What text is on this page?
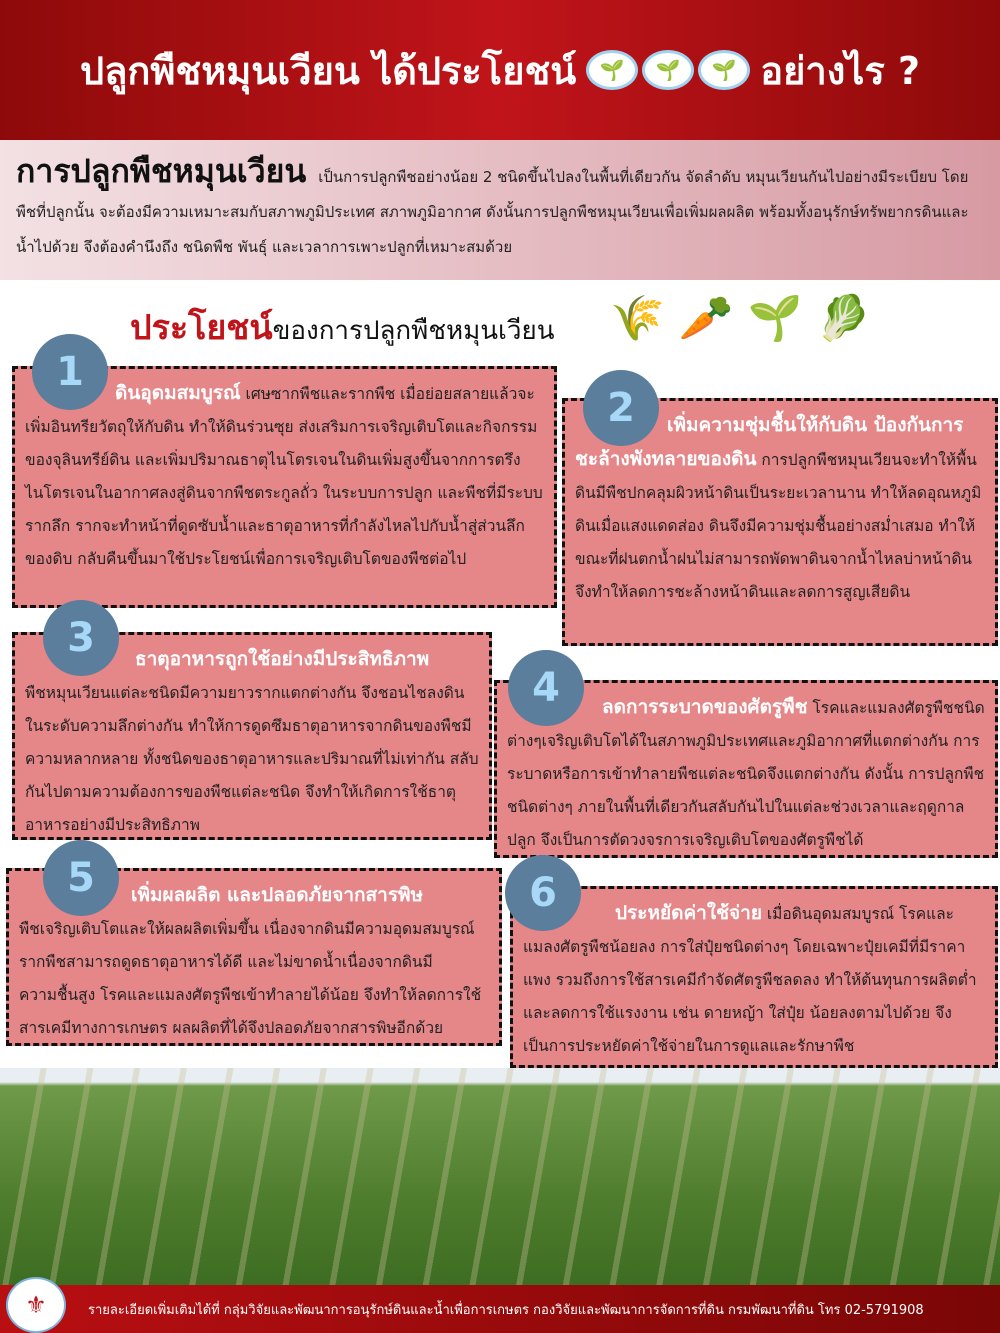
ปลูกพืชหมุนเวียน ได้ประโยชน์	🌱	🌱	🌱 อย่างไร ?
การปลูกพืชหมุนเวียน เป็นการปลูกพืชอย่างน้อย 2 ชนิดขึ้นไปลงในพื้นที่เดียวกัน จัดลำดับ หมุนเวียนกันไปอย่างมีระเบียบ โดยพืชที่ปลูกนั้น จะต้องมีความเหมาะสมกับสภาพภูมิประเทศ สภาพภูมิอากาศ ดังนั้นการปลูกพืชหมุนเวียนเพื่อเพิ่มผลผลิต พร้อมทั้งอนุรักษ์ทรัพยากรดินและน้ำไปด้วย จึงต้องคำนึงถึง ชนิดพืช พันธุ์ และเวลาการเพาะปลูกที่เหมาะสมด้วย
ประโยชน์ของการปลูกพืชหมุนเวียน 🌾 🥕 🌱 🥬
1	ดินอุดมสมบูรณ์ เศษซากพืชและรากพืช เมื่อย่อยสลายแล้วจะเพิ่มอินทรียวัตถุให้กับดิน ทำให้ดินร่วนซุย ส่งเสริมการเจริญเติบโตและกิจกรรมของจุลินทรีย์ดิน และเพิ่มปริมาณธาตุไนโตรเจนในดินเพิ่มสูงขึ้นจากการตรึงไนโตรเจนในอากาศลงสู่ดินจากพืชตระกูลถั่ว ในระบบการปลูก และพืชที่มีระบบรากลึก รากจะทำหน้าที่ดูดซับน้ำและธาตุอาหารที่กำลังไหลไปกับน้ำสู่ส่วนลึกของดิบ กลับคืนขึ้นมาใช้ประโยชน์เพื่อการเจริญเติบโตของพืชต่อไป

2	เพิ่มความชุ่มชื้นให้กับดิน ป้องกันการชะล้างพังทลายของดิน การปลูกพืชหมุนเวียนจะทำให้พื้นดินมีพืชปกคลุมผิวหน้าดินเป็นระยะเวลานาน ทำให้ลดอุณหภูมิดินเมื่อแสงแดดส่อง ดินจึงมีความชุ่มชื้นอย่างสม่ำเสมอ ทำให้ขณะที่ฝนตกน้ำฝนไม่สามารถพัดพาดินจากน้ำไหลบ่าหน้าดิน จึงทำให้ลดการชะล้างหน้าดินและลดการสูญเสียดิน

3	ธาตุอาหารถูกใช้อย่างมีประสิทธิภาพ

พืชหมุนเวียนแต่ละชนิดมีความยาวรากแตกต่างกัน จึงชอนไชลงดินในระดับความลึกต่างกัน ทำให้การดูดซึมธาตุอาหารจากดินของพืชมีความหลากหลาย ทั้งชนิดของธาตุอาหารและปริมาณที่ไม่เท่ากัน สลับกันไปตามความต้องการของพืชแต่ละชนิด จึงทำให้เกิดการใช้ธาตุอาหารอย่างมีประสิทธิภาพ

4	ลดการระบาดของศัตรูพืช โรคและแมลงศัตรูพืชชนิดต่างๆเจริญเติบโตได้ในสภาพภูมิประเทศและภูมิอากาศที่แตกต่างกัน การระบาดหรือการเข้าทำลายพืชแต่ละชนิดจึงแตกต่างกัน ดังนั้น การปลูกพืชชนิดต่างๆ ภายในพื้นที่เดียวกันสลับกันไปในแต่ละช่วงเวลาและฤดูกาลปลูก จึงเป็นการตัดวงจรการเจริญเติบโตของศัตรูพืชได้

5	เพิ่มผลผลิต และปลอดภัยจากสารพิษ

พืชเจริญเติบโตและให้ผลผลิตเพิ่มขึ้น เนื่องจากดินมีความอุดมสมบูรณ์ รากพืชสามารถดูดธาตุอาหารได้ดี และไม่ขาดน้ำเนื่องจากดินมีความชื้นสูง โรคและแมลงศัตรูพืชเข้าทำลายได้น้อย จึงทำให้ลดการใช้สารเคมีทางการเกษตร ผลผลิตที่ได้จึงปลอดภัยจากสารพิษอีกด้วย

6	ประหยัดค่าใช้จ่าย เมื่อดินอุดมสมบูรณ์ โรคและแมลงศัตรูพืชน้อยลง การใส่ปุ๋ยชนิดต่างๆ โดยเฉพาะปุ๋ยเคมีที่มีราคาแพง รวมถึงการใช้สารเคมีกำจัดศัตรูพืชลดลง ทำให้ต้นทุนการผลิตต่ำ และลดการใช้แรงงาน เช่น ดายหญ้า ใส่ปุ๋ย น้อยลงตามไปด้วย จึงเป็นการประหยัดค่าใช้จ่ายในการดูแลและรักษาพืช

รายละเอียดเพิ่มเติมได้ที่ กลุ่มวิจัยและพัฒนาการอนุรักษ์ดินและน้ำเพื่อการเกษตร กองวิจัยและพัฒนาการจัดการที่ดิน กรมพัฒนาที่ดิน โทร 02-5791908
⚜
